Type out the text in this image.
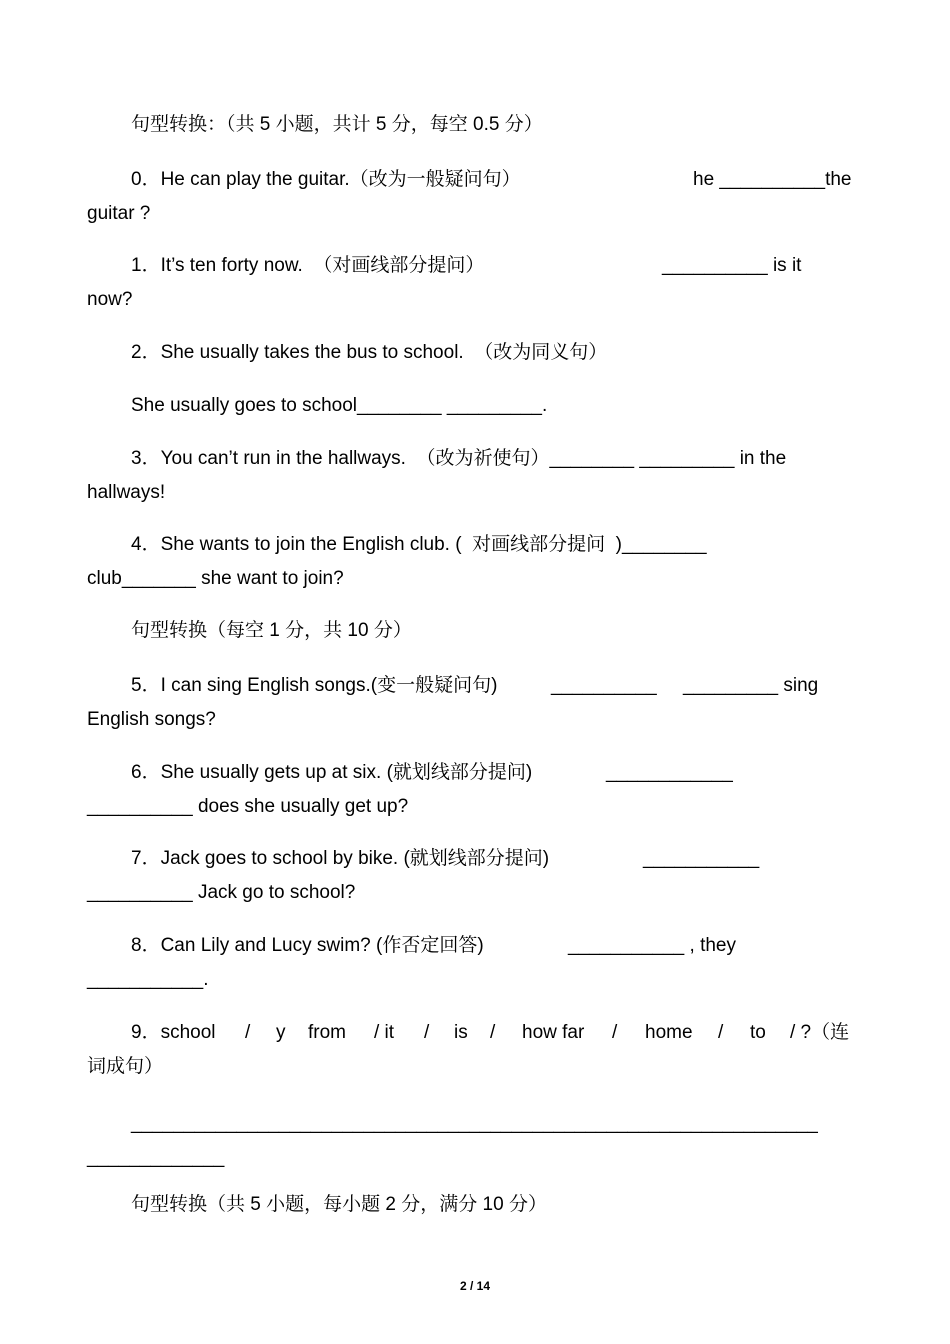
句型转换：（共 5 小题，共计 5 分，每空 0.5 分）
0．He can play the guitar.（改为一般疑问句）	he __________the
guitar ?
1．It’s ten forty now.  （对画线部分提问）	__________ is it
now?
2．She usually takes the bus to school.  （改为同义句）
She usually goes to school________ _________.
3．You can’t run in the hallways.  （改为祈使句）________ _________ in the
hallways!
4．She wants to join the English club. (  对画线部分提问  )________
club_______ she want to join?
句型转换（每空 1 分，共 10 分）
5．I can sing English songs.(变一般疑问句)	__________ _________ sing
English songs?
6．She usually gets up at six. (就划线部分提问)	____________
__________ does she usually get up?
7．Jack goes to school by bike. (就划线部分提问)	___________
__________ Jack go to school?
8．Can Lily and Lucy swim? (作否定回答)	___________ , they
___________.
9．school / y from / it / is / how far / home / to / ?（连
词成句）
_________________________________________________________________
_____________
句型转换（共 5 小题，每小题 2 分，满分 10 分）
2 / 14
